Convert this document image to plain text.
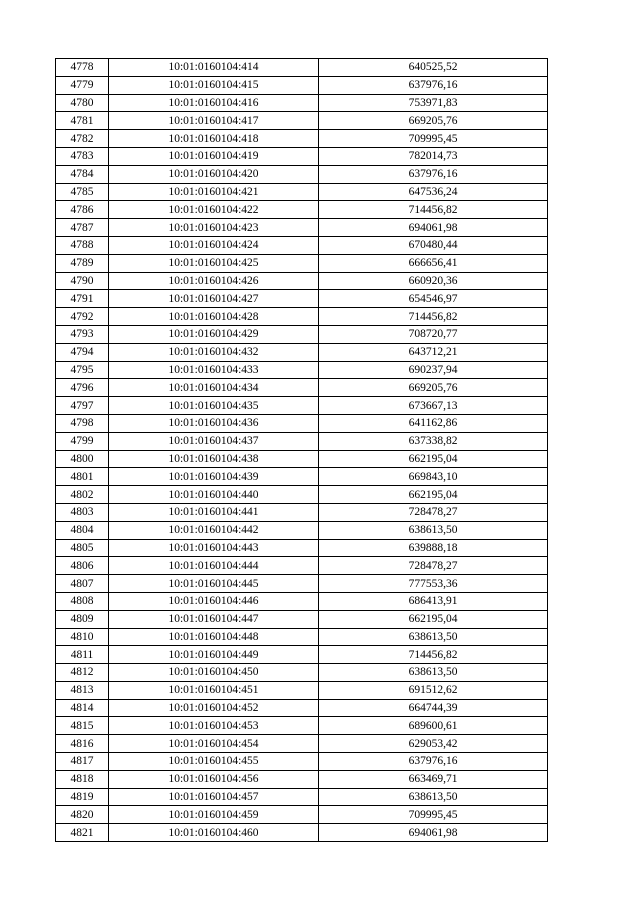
4778	10:01:0160104:414	640525,52
4779	10:01:0160104:415	637976,16
4780	10:01:0160104:416	753971,83
4781	10:01:0160104:417	669205,76
4782	10:01:0160104:418	709995,45
4783	10:01:0160104:419	782014,73
4784	10:01:0160104:420	637976,16
4785	10:01:0160104:421	647536,24
4786	10:01:0160104:422	714456,82
4787	10:01:0160104:423	694061,98
4788	10:01:0160104:424	670480,44
4789	10:01:0160104:425	666656,41
4790	10:01:0160104:426	660920,36
4791	10:01:0160104:427	654546,97
4792	10:01:0160104:428	714456,82
4793	10:01:0160104:429	708720,77
4794	10:01:0160104:432	643712,21
4795	10:01:0160104:433	690237,94
4796	10:01:0160104:434	669205,76
4797	10:01:0160104:435	673667,13
4798	10:01:0160104:436	641162,86
4799	10:01:0160104:437	637338,82
4800	10:01:0160104:438	662195,04
4801	10:01:0160104:439	669843,10
4802	10:01:0160104:440	662195,04
4803	10:01:0160104:441	728478,27
4804	10:01:0160104:442	638613,50
4805	10:01:0160104:443	639888,18
4806	10:01:0160104:444	728478,27
4807	10:01:0160104:445	777553,36
4808	10:01:0160104:446	686413,91
4809	10:01:0160104:447	662195,04
4810	10:01:0160104:448	638613,50
4811	10:01:0160104:449	714456,82
4812	10:01:0160104:450	638613,50
4813	10:01:0160104:451	691512,62
4814	10:01:0160104:452	664744,39
4815	10:01:0160104:453	689600,61
4816	10:01:0160104:454	629053,42
4817	10:01:0160104:455	637976,16
4818	10:01:0160104:456	663469,71
4819	10:01:0160104:457	638613,50
4820	10:01:0160104:459	709995,45
4821	10:01:0160104:460	694061,98
